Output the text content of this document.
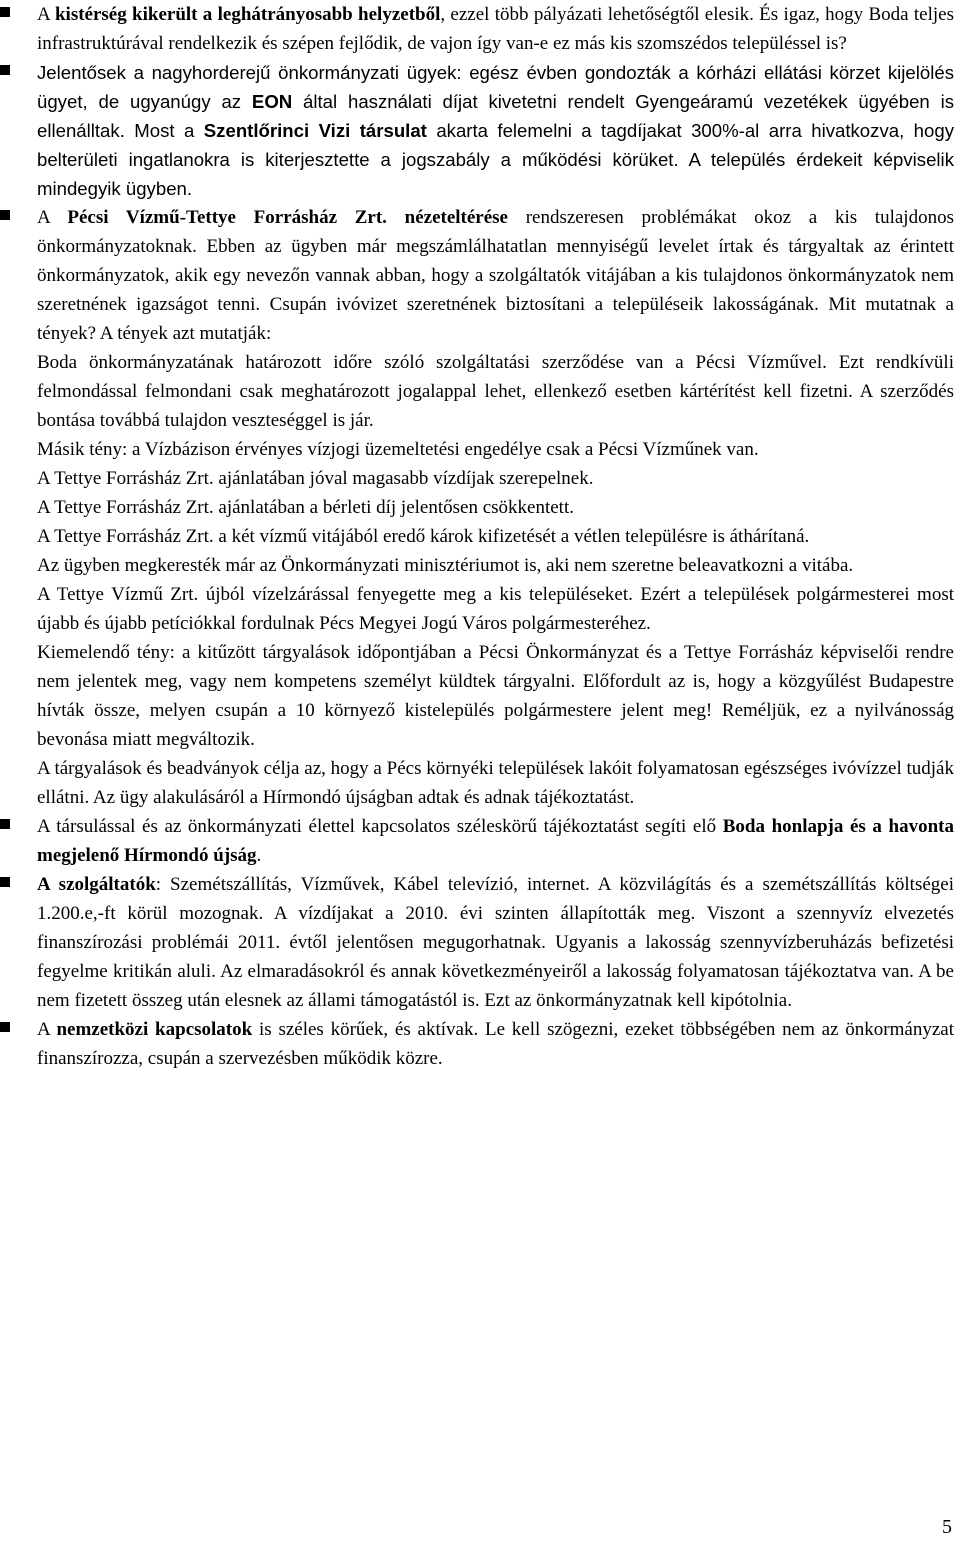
A kistérség kikerült a leghátrányosabb helyzetből, ezzel több pályázati lehetőségtől elesik. És igaz, hogy Boda teljes infrastruktúrával rendelkezik és szépen fejlődik, de vajon így van-e ez más kis szomszédos településsel is?

Jelentősek a nagyhorderejű önkormányzati ügyek: egész évben gondozták a kórházi ellátási körzet kijelölés ügyet, de ugyanúgy az EON által használati díjat kivetetni rendelt Gyengeáramú vezetékek ügyében is ellenálltak. Most a Szentlőrinci Vizi társulat akarta felemelni a tagdíjakat 300%-al arra hivatkozva, hogy belterületi ingatlanokra is kiterjesztette a jogszabály a működési körüket. A település érdekeit képviselik mindegyik ügyben.

A Pécsi Vízmű-Tettye Forrásház Zrt. nézeteltérése rendszeresen problémákat okoz a kis tulajdonos önkormányzatoknak. Ebben az ügyben már megszámlálhatatlan mennyiségű levelet írtak és tárgyaltak az érintett önkormányzatok, akik egy nevezőn vannak abban, hogy a szolgáltatók vitájában a kis tulajdonos önkormányzatok nem szeretnének igazságot tenni. Csupán ivóvizet szeretnének biztosítani a településeik lakosságának. Mit mutatnak a tények? A tények azt mutatják:

Boda önkormányzatának határozott időre szóló szolgáltatási szerződése van a Pécsi Vízművel. Ezt rendkívüli felmondással felmondani csak meghatározott jogalappal lehet, ellenkező esetben kártérítést kell fizetni. A szerződés bontása továbbá tulajdon veszteséggel is jár.

Másik tény: a Vízbázison érvényes vízjogi üzemeltetési engedélye csak a Pécsi Vízműnek van.

A Tettye Forrásház Zrt. ajánlatában jóval magasabb vízdíjak szerepelnek.

A Tettye Forrásház Zrt. ajánlatában a bérleti díj jelentősen csökkentett.

A Tettye Forrásház Zrt. a két vízmű vitájából eredő károk kifizetését a vétlen településre is áthárítaná.

Az ügyben megkeresték már az Önkormányzati minisztériumot is, aki nem szeretne beleavatkozni a vitába.

A Tettye Vízmű Zrt. újból vízelzárással fenyegette meg a kis településeket. Ezért a települések polgármesterei most újabb és újabb petíciókkal fordulnak Pécs Megyei Jogú Város polgármesteréhez.

Kiemelendő tény: a kitűzött tárgyalások időpontjában a Pécsi Önkormányzat és a Tettye Forrásház képviselői rendre nem jelentek meg, vagy nem kompetens személyt küldtek tárgyalni. Előfordult az is, hogy a közgyűlést Budapestre hívták össze, melyen csupán a 10 környező kistelepülés polgármestere jelent meg! Reméljük, ez a nyilvánosság bevonása miatt megváltozik.

A tárgyalások és beadványok célja az, hogy a Pécs környéki települések lakóit folyamatosan egészséges ivóvízzel tudják ellátni. Az ügy alakulásáról a Hírmondó újságban adtak és adnak tájékoztatást.

A társulással és az önkormányzati élettel kapcsolatos széleskörű tájékoztatást segíti elő Boda honlapja és a havonta megjelenő Hírmondó újság.

A szolgáltatók: Szemétszállítás, Vízművek, Kábel televízió, internet. A közvilágítás és a szemétszállítás költségei 1.200.e,-ft körül mozognak. A vízdíjakat a 2010. évi szinten állapították meg. Viszont a szennyvíz elvezetés finanszírozási problémái 2011. évtől jelentősen megugorhatnak. Ugyanis a lakosság szennyvízberuházás befizetési fegyelme kritikán aluli. Az elmaradásokról és annak következményeiről a lakosság folyamatosan tájékoztatva van. A be nem fizetett összeg után elesnek az állami támogatástól is. Ezt az önkormányzatnak kell kipótolnia.

A nemzetközi kapcsolatok is széles körűek, és aktívak. Le kell szögezni, ezeket többségében nem az önkormányzat finanszírozza, csupán a szervezésben működik közre.

5
